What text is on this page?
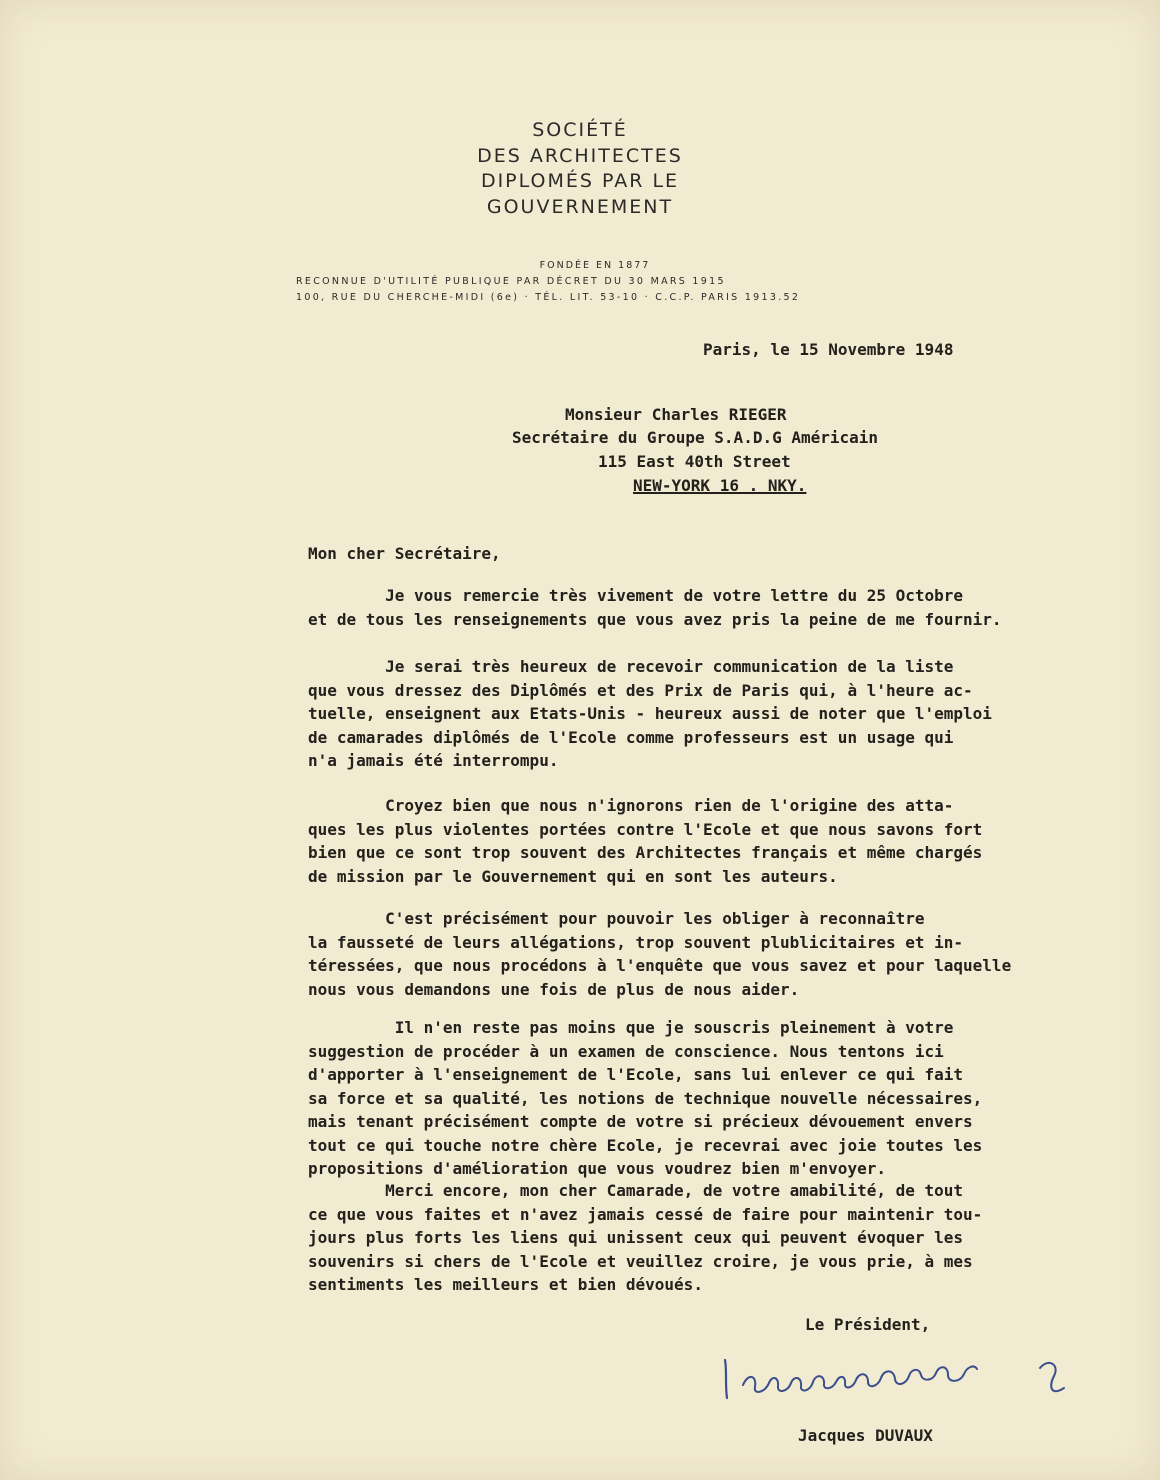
SOCIÉTÉ
DES ARCHITECTES
DIPLOMÉS PAR LE
GOUVERNEMENT
FONDÉE EN 1877
RECONNUE D'UTILITÉ PUBLIQUE PAR DÉCRET DU 30 MARS 1915
100, RUE DU CHERCHE-MIDI (6e) · TÉL. LIT. 53-10 · C.C.P. PARIS 1913.52
Paris, le 15 Novembre 1948
Monsieur Charles RIEGER
Secrétaire du Groupe S.A.D.G Américain
115 East 40th Street
NEW-YORK 16 . NKY.
Mon cher Secrétaire,
Je vous remercie très vivement de votre lettre du 25 Octobre
et de tous les renseignements que vous avez pris la peine de me fournir.
Je serai très heureux de recevoir communication de la liste
que vous dressez des Diplômés et des Prix de Paris qui, à l'heure ac-
tuelle, enseignent aux Etats-Unis - heureux aussi de noter que l'emploi
de camarades diplômés de l'Ecole comme professeurs est un usage qui
n'a jamais été interrompu.
Croyez bien que nous n'ignorons rien de l'origine des atta-
ques les plus violentes portées contre l'Ecole et que nous savons fort
bien que ce sont trop souvent des Architectes français et même chargés
de mission par le Gouvernement qui en sont les auteurs.
C'est précisément pour pouvoir les obliger à reconnaître
la fausseté de leurs allégations, trop souvent plublicitaires et in-
téressées, que nous procédons à l'enquête que vous savez et pour laquelle
nous vous demandons une fois de plus de nous aider.
Il n'en reste pas moins que je souscris pleinement à votre
suggestion de procéder à un examen de conscience. Nous tentons ici
d'apporter à l'enseignement de l'Ecole, sans lui enlever ce qui fait
sa force et sa qualité, les notions de technique nouvelle nécessaires,
mais tenant précisément compte de votre si précieux dévouement envers
tout ce qui touche notre chère Ecole, je recevrai avec joie toutes les
propositions d'amélioration que vous voudrez bien m'envoyer.
Merci encore, mon cher Camarade, de votre amabilité, de tout
ce que vous faites et n'avez jamais cessé de faire pour maintenir tou-
jours plus forts les liens qui unissent ceux qui peuvent évoquer les
souvenirs si chers de l'Ecole et veuillez croire, je vous prie, à mes
sentiments les meilleurs et bien dévoués.
Le Président,
Jacques DUVAUX
